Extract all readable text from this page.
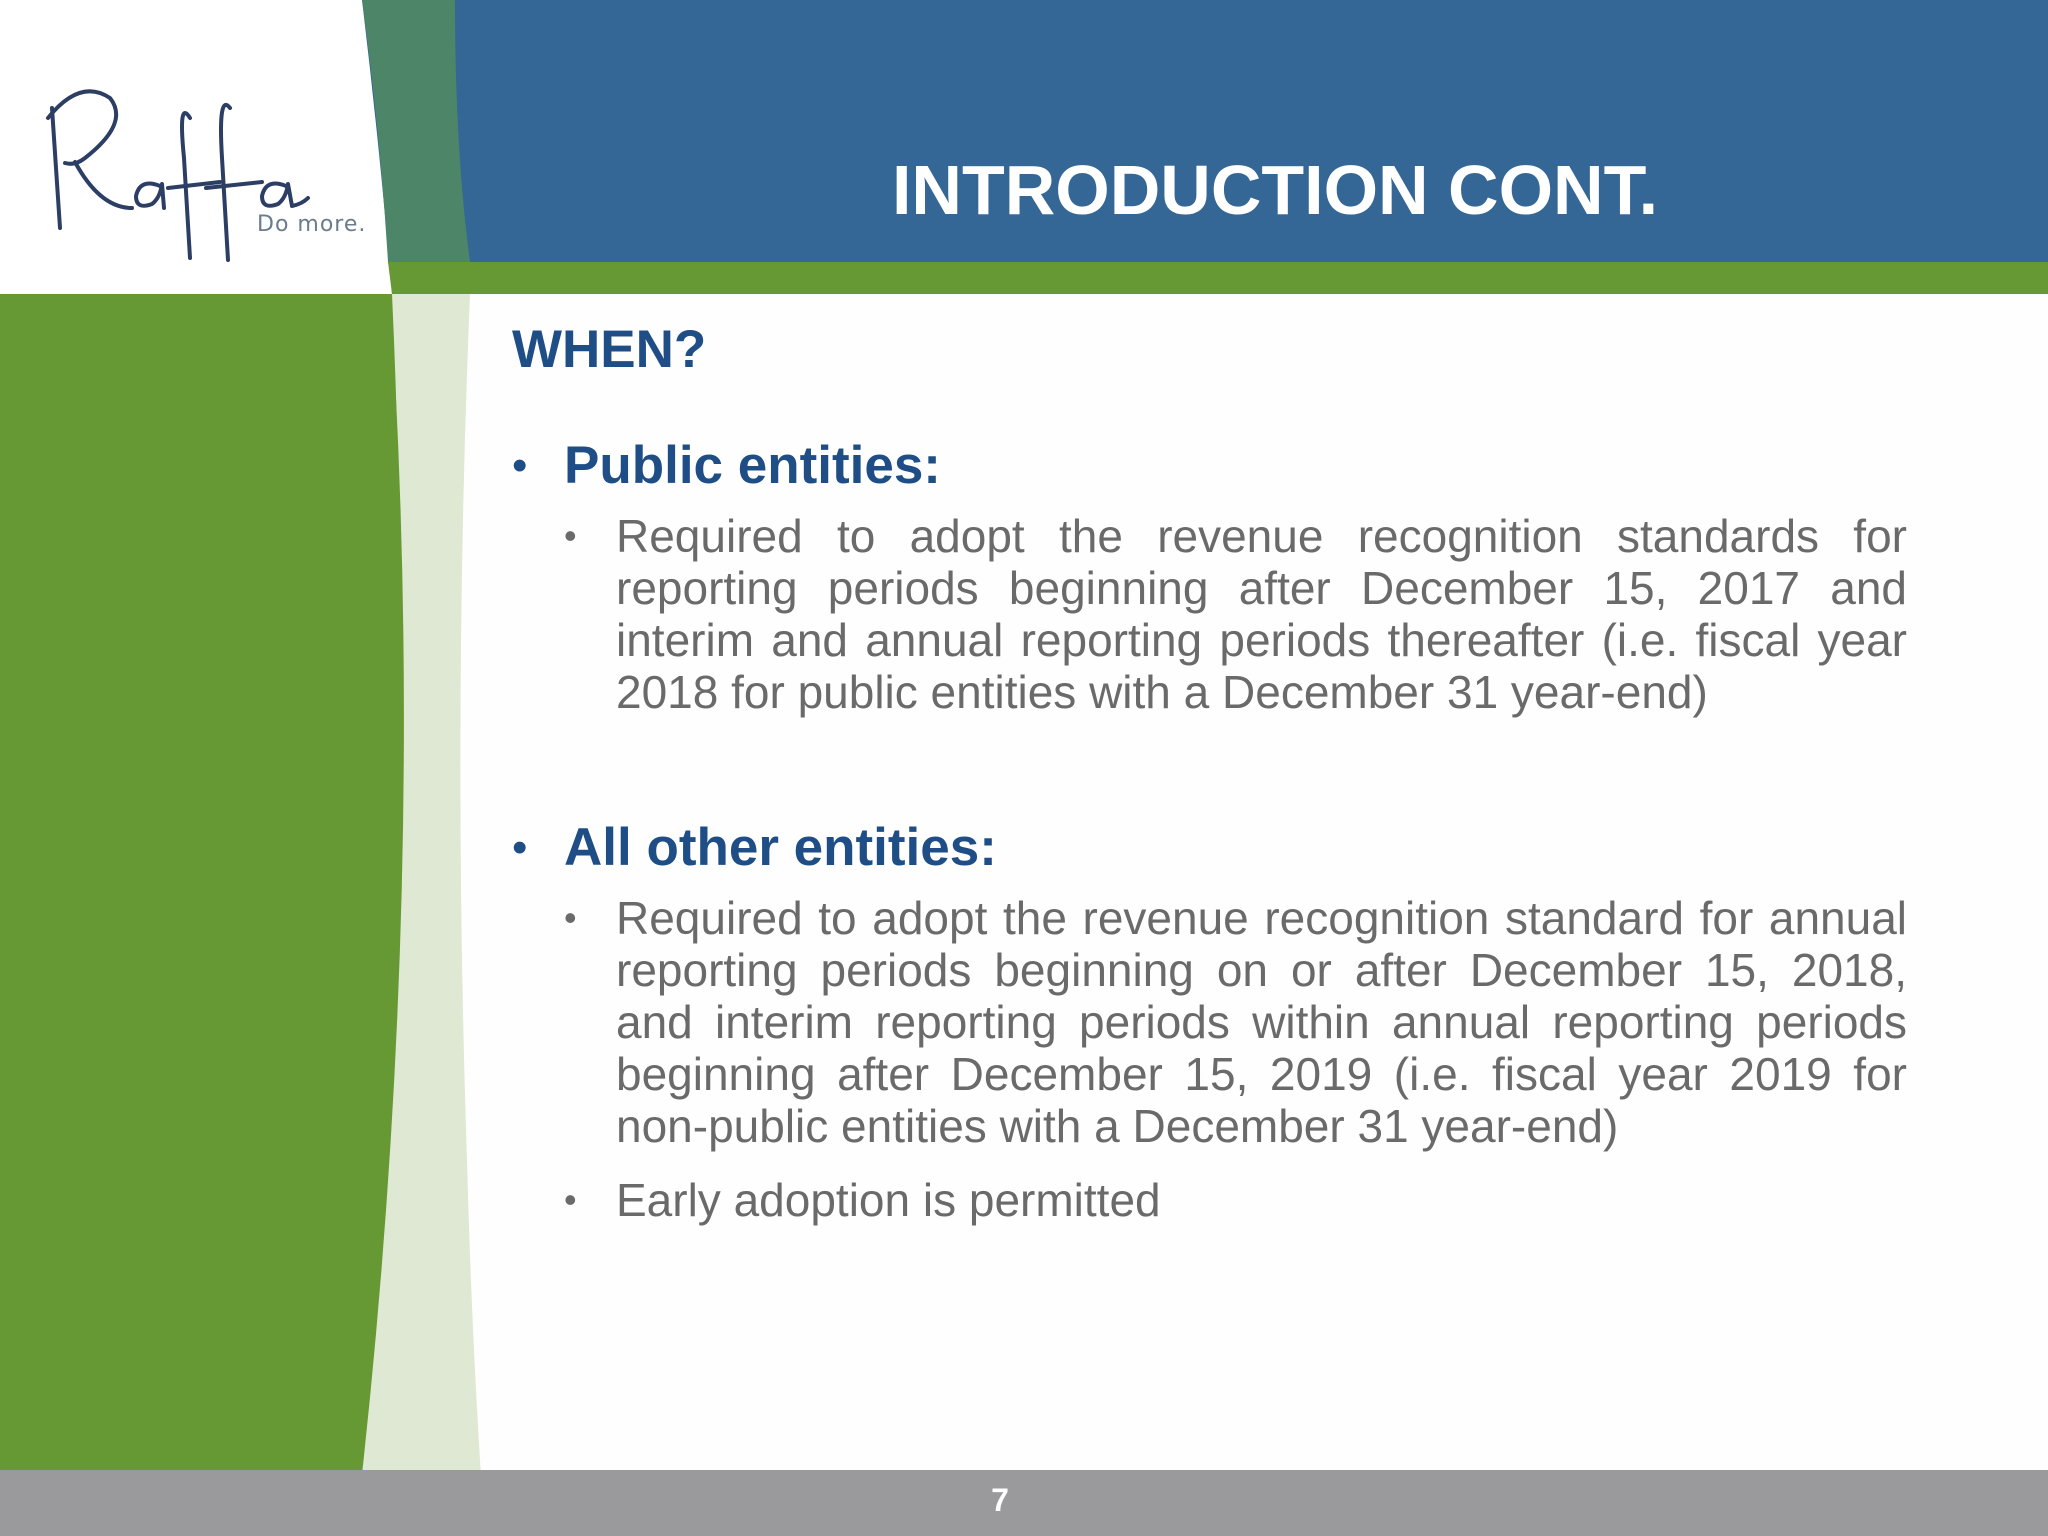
Do more.	INTRODUCTION CONT.
WHEN?
• Public entities:
• Required to adopt the revenue recognition standards for reporting periods beginning after December 15, 2017 and interim and annual reporting periods thereafter (i.e. fiscal year 2018 for public entities with a December 31 year-end)
• All other entities:
• Required to adopt the revenue recognition standard for annual reporting periods beginning on or after December 15, 2018, and interim reporting periods within annual reporting periods beginning after December 15, 2019 (i.e. fiscal year 2019 for non-public entities with a December 31 year-end)
• Early adoption is permitted
7
